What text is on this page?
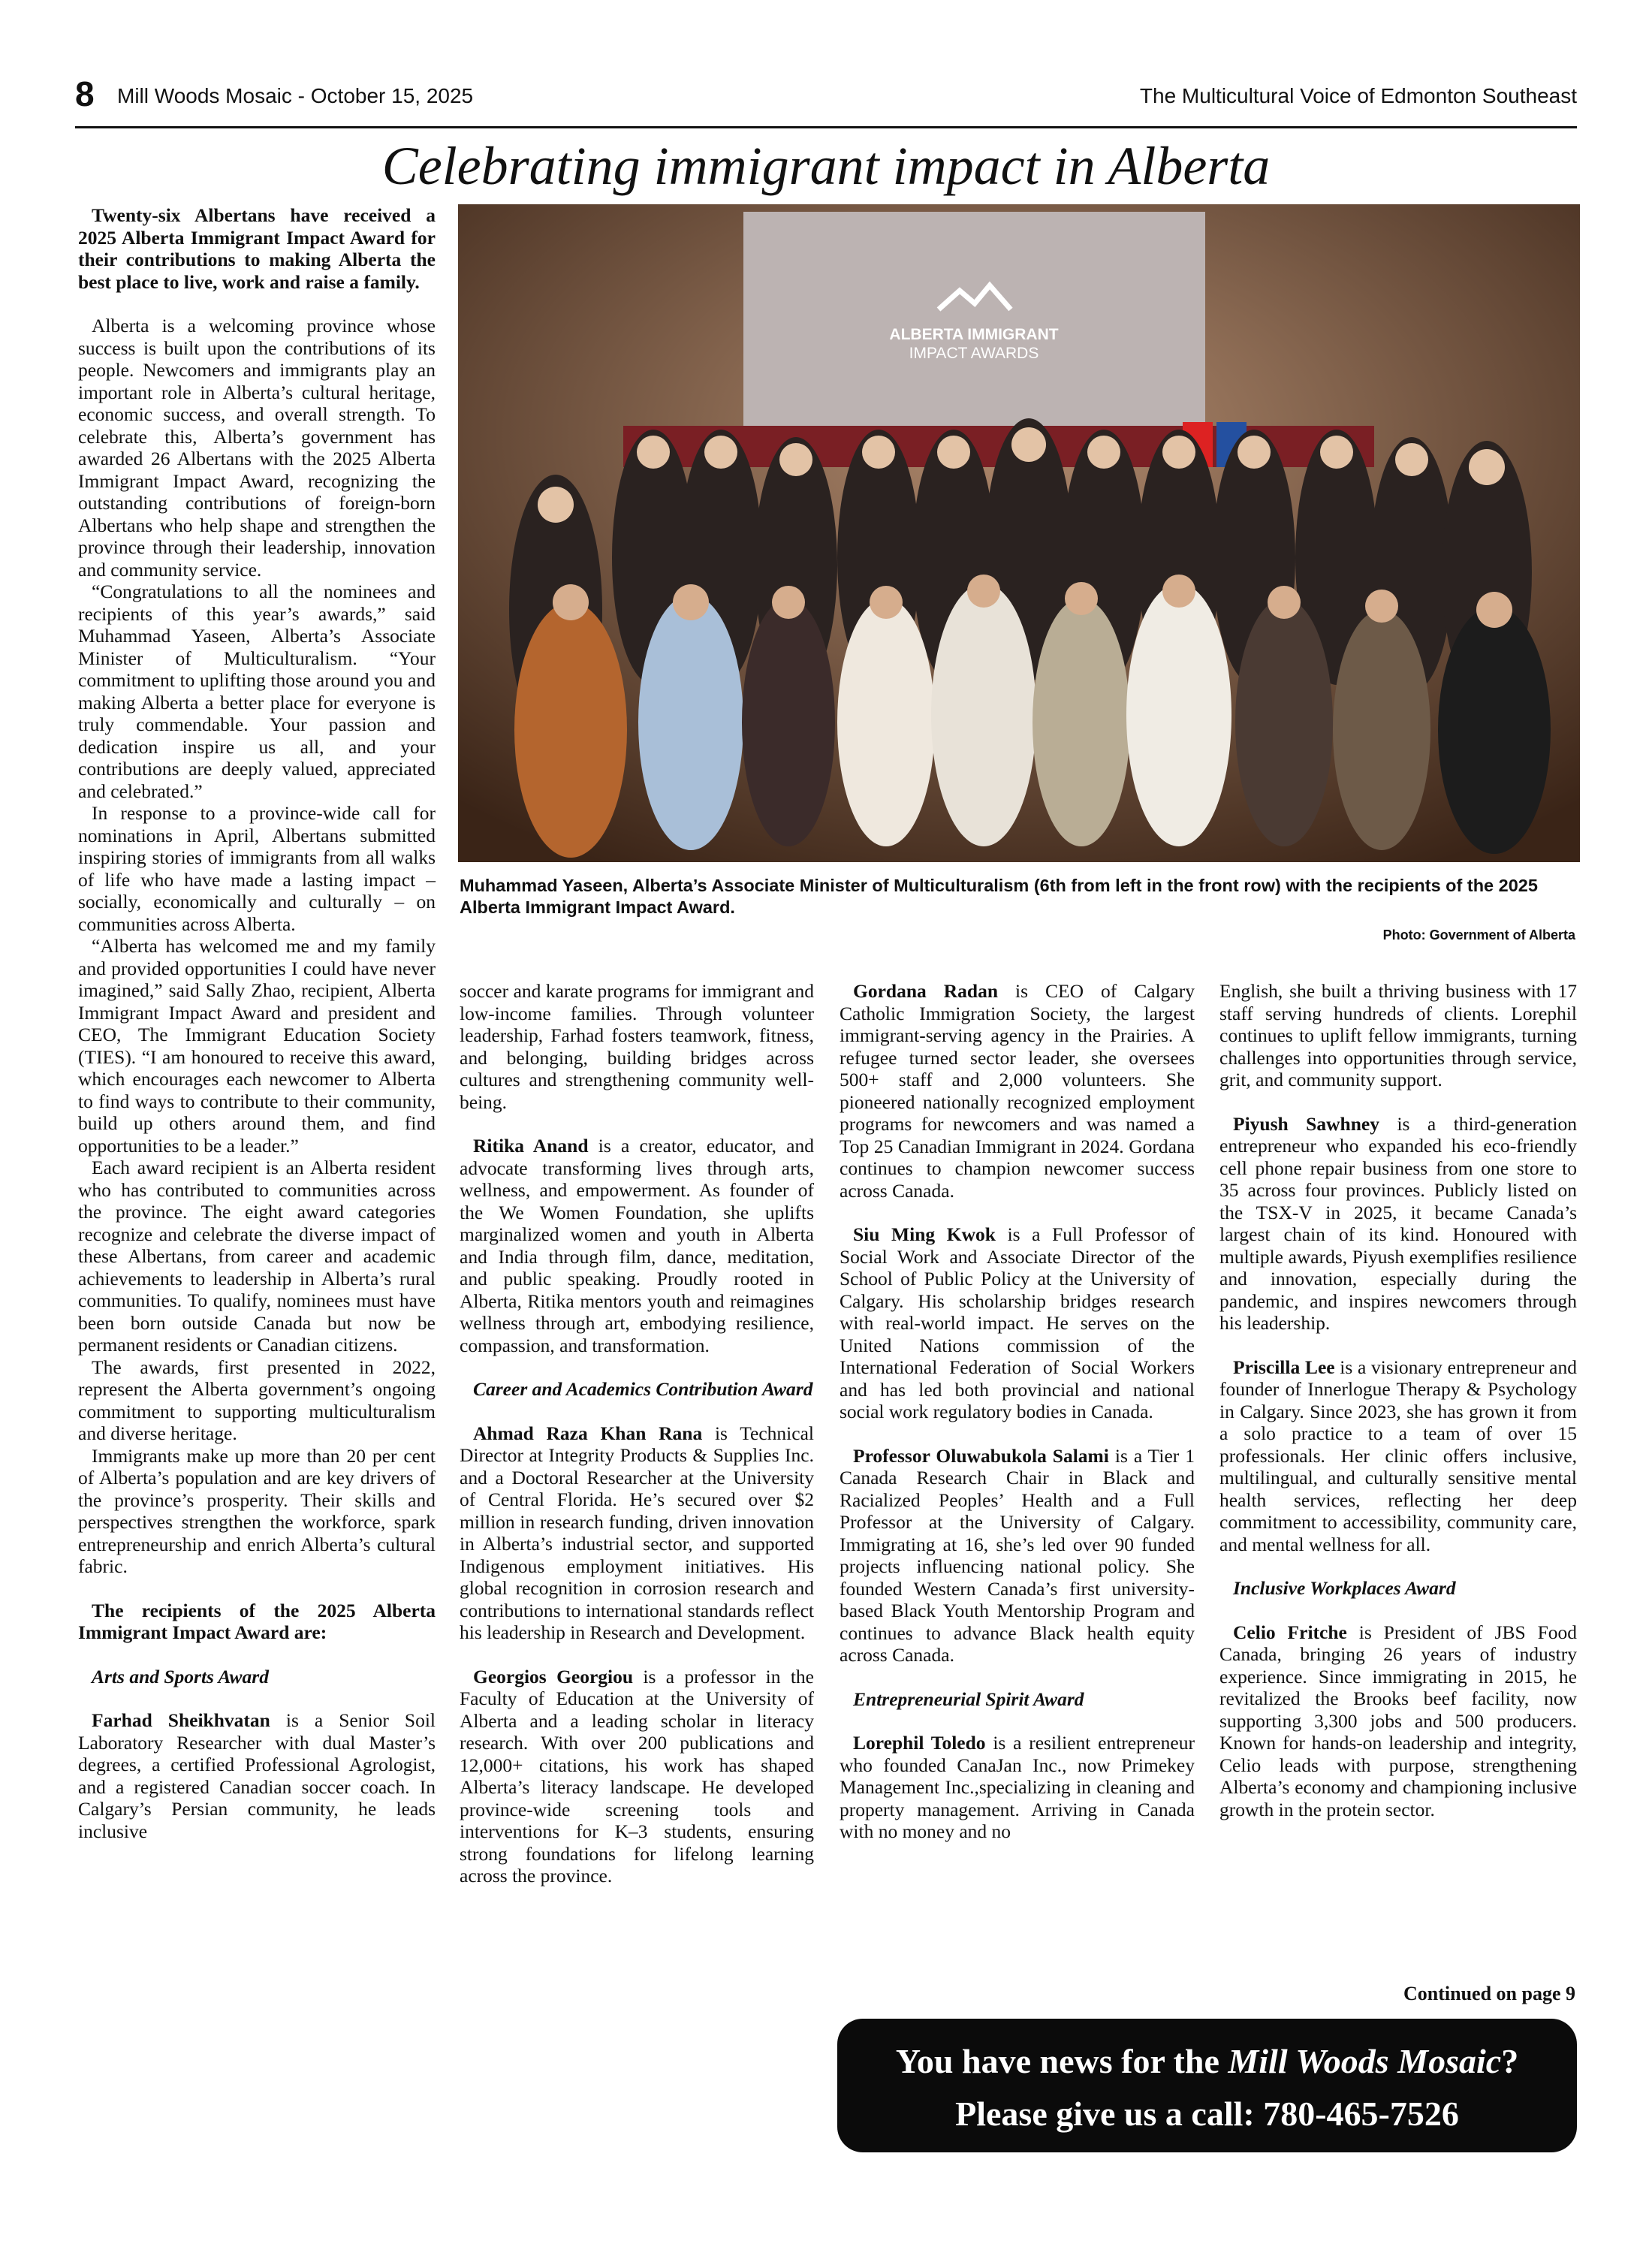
8 Mill Woods Mosaic - October 15, 2025	The Multicultural Voice of Edmonton Southeast
Celebrating immigrant impact in Alberta

Twenty-six Albertans have received a 2025 Alberta Immigrant Impact Award for their contributions to making Alberta the best place to live, work and raise a family.

Alberta is a welcoming province whose success is built upon the contributions of its people. Newcomers and immigrants play an important role in Alberta’s cultural heritage, economic success, and overall strength. To celebrate this, Alberta’s government has awarded 26 Albertans with the 2025 Alberta Immigrant Impact Award, recognizing the outstanding contributions of foreign-born Albertans who help shape and strengthen the province through their leadership, innovation and community service.

“Congratulations to all the nominees and recipients of this year’s awards,” said Muhammad Yaseen, Alberta’s Associate Minister of Multiculturalism. “Your commitment to uplifting those around you and making Alberta a better place for everyone is truly commendable. Your passion and dedication inspire us all, and your contributions are deeply valued, appreciated and celebrated.”

In response to a province-wide call for nominations in April, Albertans submitted inspiring stories of immigrants from all walks of life who have made a lasting impact – socially, economically and culturally – on communities across Alberta.

“Alberta has welcomed me and my family and provided opportunities I could have never imagined,” said Sally Zhao, recipient, Alberta Immigrant Impact Award and president and CEO, The Immigrant Education Society (TIES). “I am honoured to receive this award, which encourages each newcomer to Alberta to find ways to contribute to their community, build up others around them, and find opportunities to be a leader.”

Each award recipient is an Alberta resident who has contributed to communities across the province. The eight award categories recognize and celebrate the diverse impact of these Albertans, from career and academic achievements to leadership in Alberta’s rural communities. To qualify, nominees must have been born outside Canada but now be permanent residents or Canadian citizens.

The awards, first presented in 2022, represent the Alberta government’s ongoing commitment to supporting multiculturalism and diverse heritage.

Immigrants make up more than 20 per cent of Alberta’s population and are key drivers of the province’s prosperity. Their skills and perspectives strengthen the workforce, spark entrepreneurship and enrich Alberta’s cultural fabric.

The recipients of the 2025 Alberta Immigrant Impact Award are:

Arts and Sports Award

Farhad Sheikhvatan is a Senior Soil Laboratory Researcher with dual Master’s degrees, a certified Professional Agrologist, and a registered Canadian soccer coach. In Calgary’s Persian community, he leads inclusive

ALBERTA IMMIGRANT
IMPACT AWARDS
Muhammad Yaseen, Alberta’s Associate Minister of Multiculturalism (6th from left in the front row) with the recipients of the 2025 Alberta Immigrant Impact Award.
Photo: Government of Alberta

soccer and karate programs for immigrant and low-income families. Through volunteer leadership, Farhad fosters teamwork, fitness, and belonging, building bridges across cultures and strengthening community well-being.

Ritika Anand is a creator, educator, and advocate transforming lives through arts, wellness, and empowerment. As founder of the We Women Foundation, she uplifts marginalized women and youth in Alberta and India through film, dance, meditation, and public speaking. Proudly rooted in Alberta, Ritika mentors youth and reimagines wellness through art, embodying resilience, compassion, and transformation.

Career and Academics Contribution Award

Ahmad Raza Khan Rana is Technical Director at Integrity Products & Supplies Inc. and a Doctoral Researcher at the University of Central Florida. He’s secured over $2 million in research funding, driven innovation in Alberta’s industrial sector, and supported Indigenous employment initiatives. His global recognition in corrosion research and contributions to international standards reflect his leadership in Research and Development.

Georgios Georgiou is a professor in the Faculty of Education at the University of Alberta and a leading scholar in literacy research. With over 200 publications and 12,000+ citations, his work has shaped Alberta’s literacy landscape. He developed province-wide screening tools and interventions for K–3 students, ensuring strong foundations for lifelong learning across the province.

Gordana Radan is CEO of Calgary Catholic Immigration Society, the largest immigrant-serving agency in the Prairies. A refugee turned sector leader, she oversees 500+ staff and 2,000 volunteers. She pioneered nationally recognized employment programs for newcomers and was named a Top 25 Canadian Immigrant in 2024. Gordana continues to champion newcomer success across Canada.

Siu Ming Kwok is a Full Professor of Social Work and Associate Director of the School of Public Policy at the University of Calgary. His scholarship bridges research with real-world impact. He serves on the United Nations commission of the International Federation of Social Workers and has led both provincial and national social work regulatory bodies in Canada.

Professor Oluwabukola Salami is a Tier 1 Canada Research Chair in Black and Racialized Peoples’ Health and a Full Professor at the University of Calgary. Immigrating at 16, she’s led over 90 funded projects influencing national policy. She founded Western Canada’s first university-based Black Youth Mentorship Program and continues to advance Black health equity across Canada.

Entrepreneurial Spirit Award

Lorephil Toledo is a resilient entrepreneur who founded CanaJan Inc., now Primekey Management Inc.,specializing in cleaning and property management. Arriving in Canada with no money and no

English, she built a thriving business with 17 staff serving hundreds of clients. Lorephil continues to uplift fellow immigrants, turning challenges into opportunities through service, grit, and community support.

Piyush Sawhney is a third-generation entrepreneur who expanded his eco-friendly cell phone repair business from one store to 35 across four provinces. Publicly listed on the TSX-V in 2025, it became Canada’s largest chain of its kind. Honoured with multiple awards, Piyush exemplifies resilience and innovation, especially during the pandemic, and inspires newcomers through his leadership.

Priscilla Lee is a visionary entrepreneur and founder of Innerlogue Therapy & Psychology in Calgary. Since 2023, she has grown it from a solo practice to a team of over 15 professionals. Her clinic offers inclusive, multilingual, and culturally sensitive mental health services, reflecting her deep commitment to accessibility, community care, and mental wellness for all.

Inclusive Workplaces Award

Celio Fritche is President of JBS Food Canada, bringing 26 years of industry experience. Since immigrating in 2015, he revitalized the Brooks beef facility, now supporting 3,300 jobs and 500 producers. Known for hands-on leadership and integrity, Celio leads with purpose, strengthening Alberta’s economy and championing inclusive growth in the protein sector.

Continued on page 9
You have news for the Mill Woods Mosaic?
Please give us a call: 780-465-7526
